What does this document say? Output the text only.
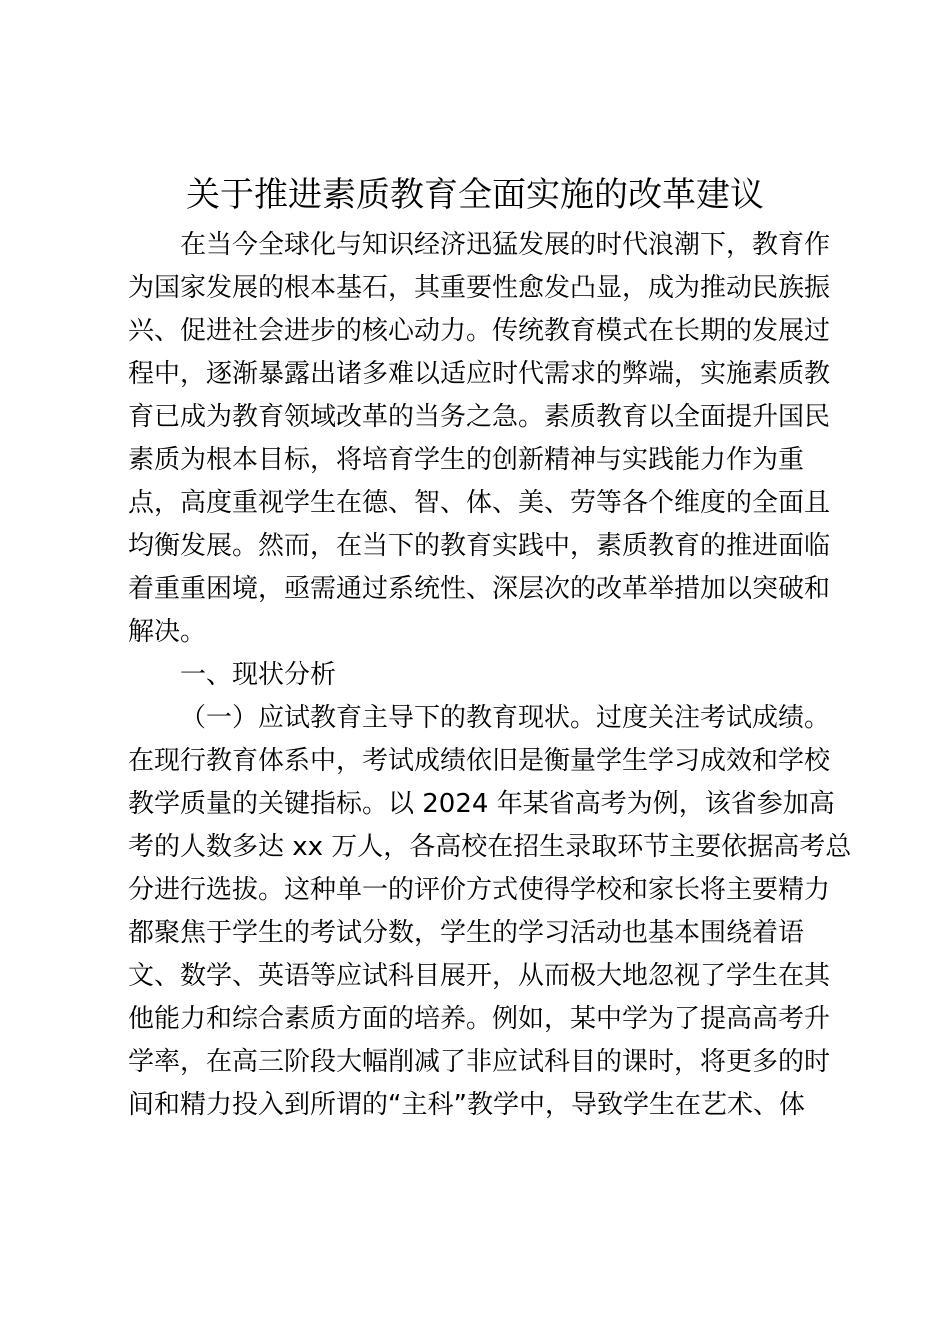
关于推进素质教育全面实施的改革建议
在当今全球化与知识经济迅猛发展的时代浪潮下，教育作
为国家发展的根本基石，其重要性愈发凸显，成为推动民族振
兴、促进社会进步的核心动力。传统教育模式在长期的发展过
程中，逐渐暴露出诸多难以适应时代需求的弊端，实施素质教
育已成为教育领域改革的当务之急。素质教育以全面提升国民
素质为根本目标，将培育学生的创新精神与实践能力作为重
点，高度重视学生在德、智、体、美、劳等各个维度的全面且
均衡发展。然而，在当下的教育实践中，素质教育的推进面临
着重重困境，亟需通过系统性、深层次的改革举措加以突破和
解决。
一、现状分析
（一）应试教育主导下的教育现状。过度关注考试成绩。
在现行教育体系中，考试成绩依旧是衡量学生学习成效和学校
教学质量的关键指标。以 2024 年某省高考为例，该省参加高
考的人数多达 xx 万人，各高校在招生录取环节主要依据高考总
分进行选拔。这种单一的评价方式使得学校和家长将主要精力
都聚焦于学生的考试分数，学生的学习活动也基本围绕着语
文、数学、英语等应试科目展开，从而极大地忽视了学生在其
他能力和综合素质方面的培养。例如，某中学为了提高高考升
学率，在高三阶段大幅削减了非应试科目的课时，将更多的时
间和精力投入到所谓的“主科”教学中，导致学生在艺术、体
